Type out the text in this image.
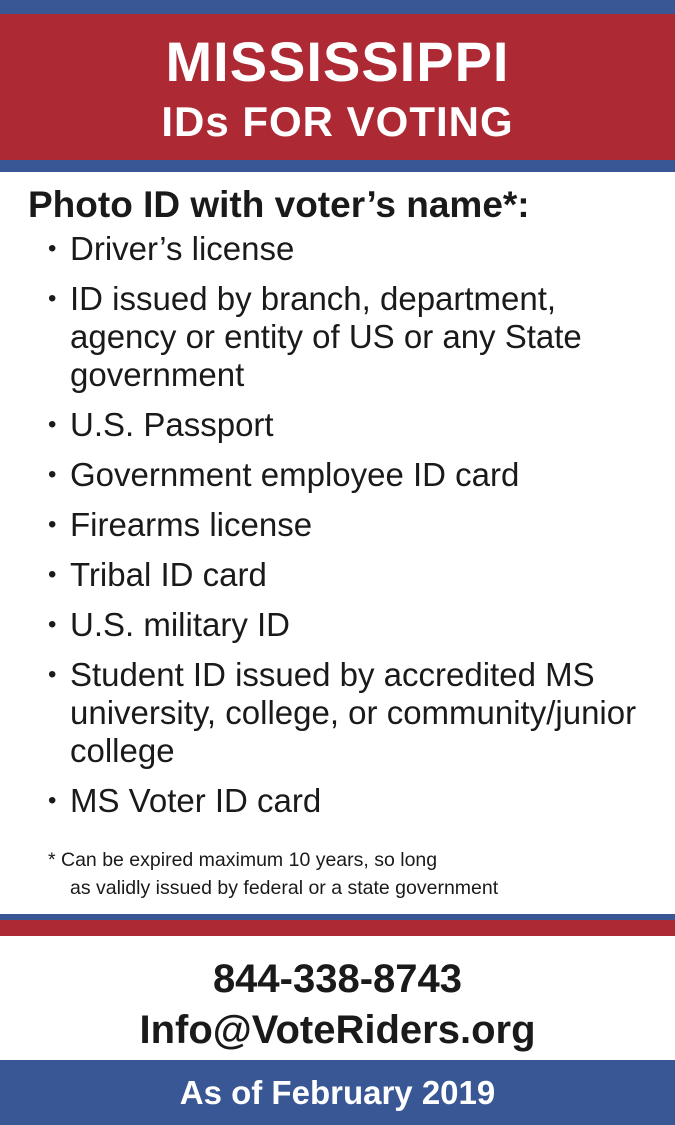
MISSISSIPPI
IDs FOR VOTING
Photo ID with voter’s name*:
• Driver’s license
• ID issued by branch, department, agency or entity of US or any State government
• U.S. Passport
• Government employee ID card
• Firearms license
• Tribal ID card
• U.S. military ID
• Student ID issued by accredited MS university, college, or community/junior college
• MS Voter ID card
* Can be expired maximum 10 years, so long
as validly issued by federal or a state government
844-338-8743
Info@VoteRiders.org
As of February 2019
